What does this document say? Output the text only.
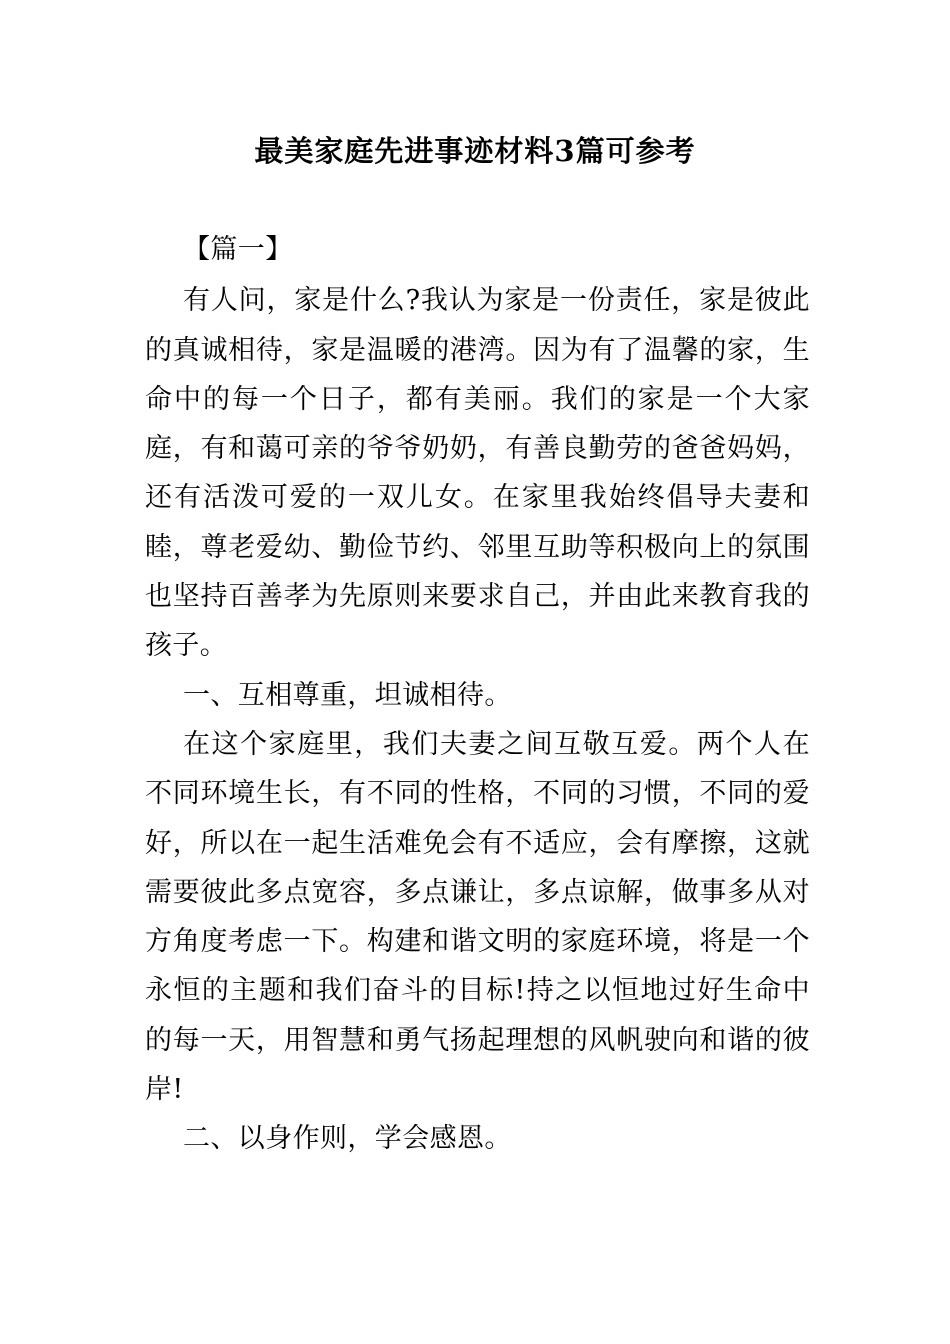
最美家庭先进事迹材料3篇可参考

【篇一】

有人问，家是什么?我认为家是一份责任，家是彼此的真诚相待，家是温暖的港湾。因为有了温馨的家，生命中的每一个日子，都有美丽。我们的家是一个大家庭，有和蔼可亲的爷爷奶奶，有善良勤劳的爸爸妈妈，还有活泼可爱的一双儿女。在家里我始终倡导夫妻和睦，尊老爱幼、勤俭节约、邻里互助等积极向上的氛围也坚持百善孝为先原则来要求自己，并由此来教育我的孩子。

一、互相尊重，坦诚相待。

在这个家庭里，我们夫妻之间互敬互爱。两个人在不同环境生长，有不同的性格，不同的习惯，不同的爱好，所以在一起生活难免会有不适应，会有摩擦，这就需要彼此多点宽容，多点谦让，多点谅解，做事多从对方角度考虑一下。构建和谐文明的家庭环境，将是一个永恒的主题和我们奋斗的目标!持之以恒地过好生命中的每一天，用智慧和勇气扬起理想的风帆驶向和谐的彼岸!

二、以身作则，学会感恩。
